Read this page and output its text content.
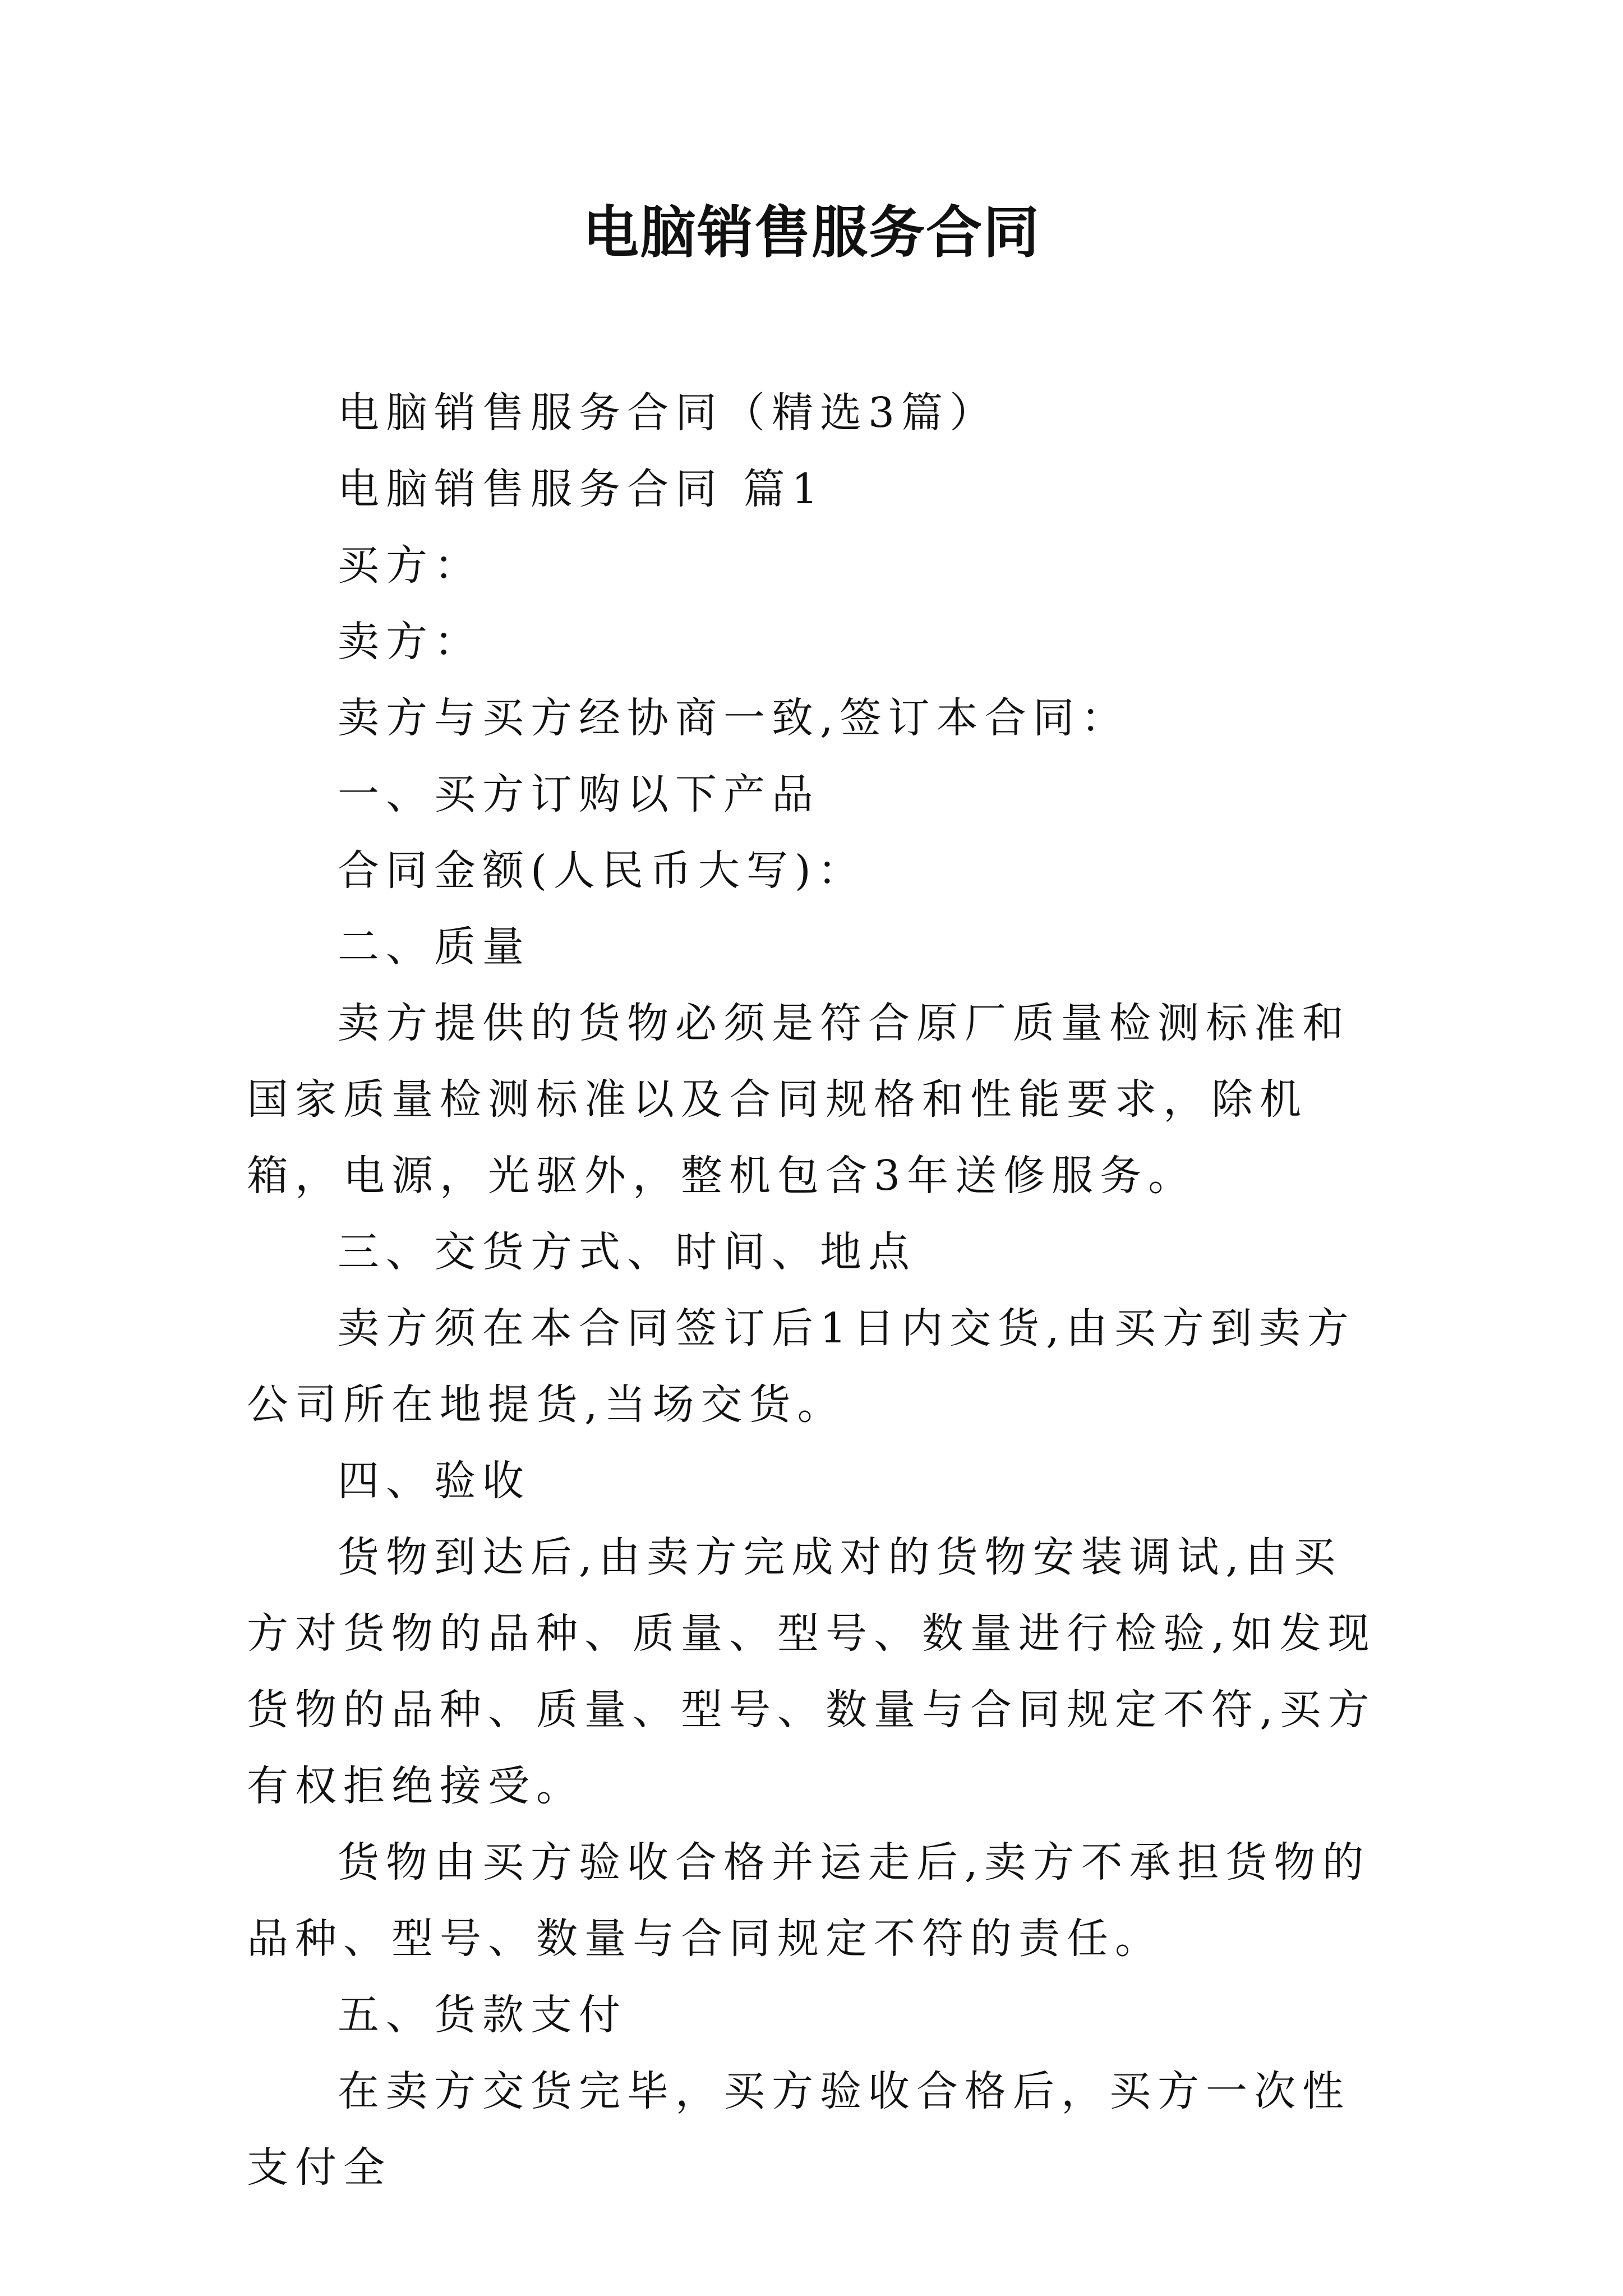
电脑销售服务合同

电脑销售服务合同（精选3篇）

电脑销售服务合同 篇1

买方：

卖方：

卖方与买方经协商一致,签订本合同：

一、买方订购以下产品

合同金额(人民币大写)：

二、质量

卖方提供的货物必须是符合原厂质量检测标准和国家质量检测标准以及合同规格和性能要求，除机箱，电源，光驱外，整机包含3年送修服务。

三、交货方式、时间、地点

卖方须在本合同签订后1日内交货,由买方到卖方公司所在地提货,当场交货。

四、验收

货物到达后,由卖方完成对的货物安装调试,由买方对货物的品种、质量、型号、数量进行检验,如发现货物的品种、质量、型号、数量与合同规定不符,买方有权拒绝接受。

货物由买方验收合格并运走后,卖方不承担货物的品种、型号、数量与合同规定不符的责任。

五、货款支付

在卖方交货完毕，买方验收合格后，买方一次性支付全
